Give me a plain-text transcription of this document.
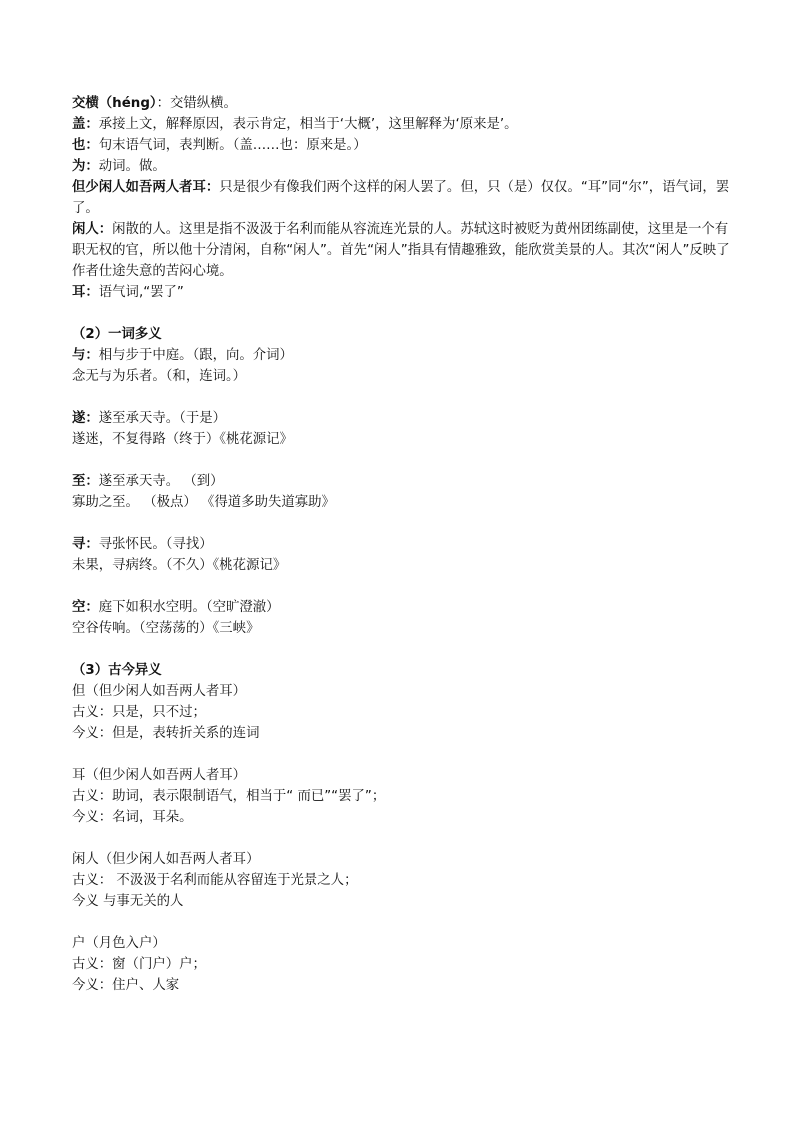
交横（héng）：交错纵横。
盖：承接上文，解释原因，表示肯定，相当于‘大概’，这里解释为‘原来是’。
也：句末语气词，表判断。（盖……也：原来是。）
为：动词。做。
但少闲人如吾两人者耳：只是很少有像我们两个这样的闲人罢了。但，只（是）仅仅。“耳”同“尔”，语气词，罢了。
闲人：闲散的人。这里是指不汲汲于名利而能从容流连光景的人。苏轼这时被贬为黄州团练副使，这里是一个有职无权的官，所以他十分清闲，自称“闲人”。首先“闲人”指具有情趣雅致，能欣赏美景的人。其次“闲人”反映了作者仕途失意的苦闷心境。
耳：语气词,“罢了”
（2）一词多义
与：相与步于中庭。（跟，向。介词）
念无与为乐者。（和，连词。）
遂：遂至承天寺。（于是）
遂迷，不复得路（终于）《桃花源记》
至：遂至承天寺。 （到）
寡助之至。 （极点） 《得道多助失道寡助》
寻：寻张怀民。（寻找）
未果，寻病终。（不久）《桃花源记》
空：庭下如积水空明。（空旷澄澈）
空谷传响。（空荡荡的）《三峡》
（3）古今异义
但（但少闲人如吾两人者耳）
古义：只是，只不过；
今义：但是，表转折关系的连词
耳（但少闲人如吾两人者耳）
古义：助词，表示限制语气，相当于“ 而已”“罢了”；
今义：名词，耳朵。
闲人（但少闲人如吾两人者耳）
古义： 不汲汲于名利而能从容留连于光景之人；
今义 与事无关的人
户（月色入户）
古义：窗（门户）户；
今义：住户、人家
